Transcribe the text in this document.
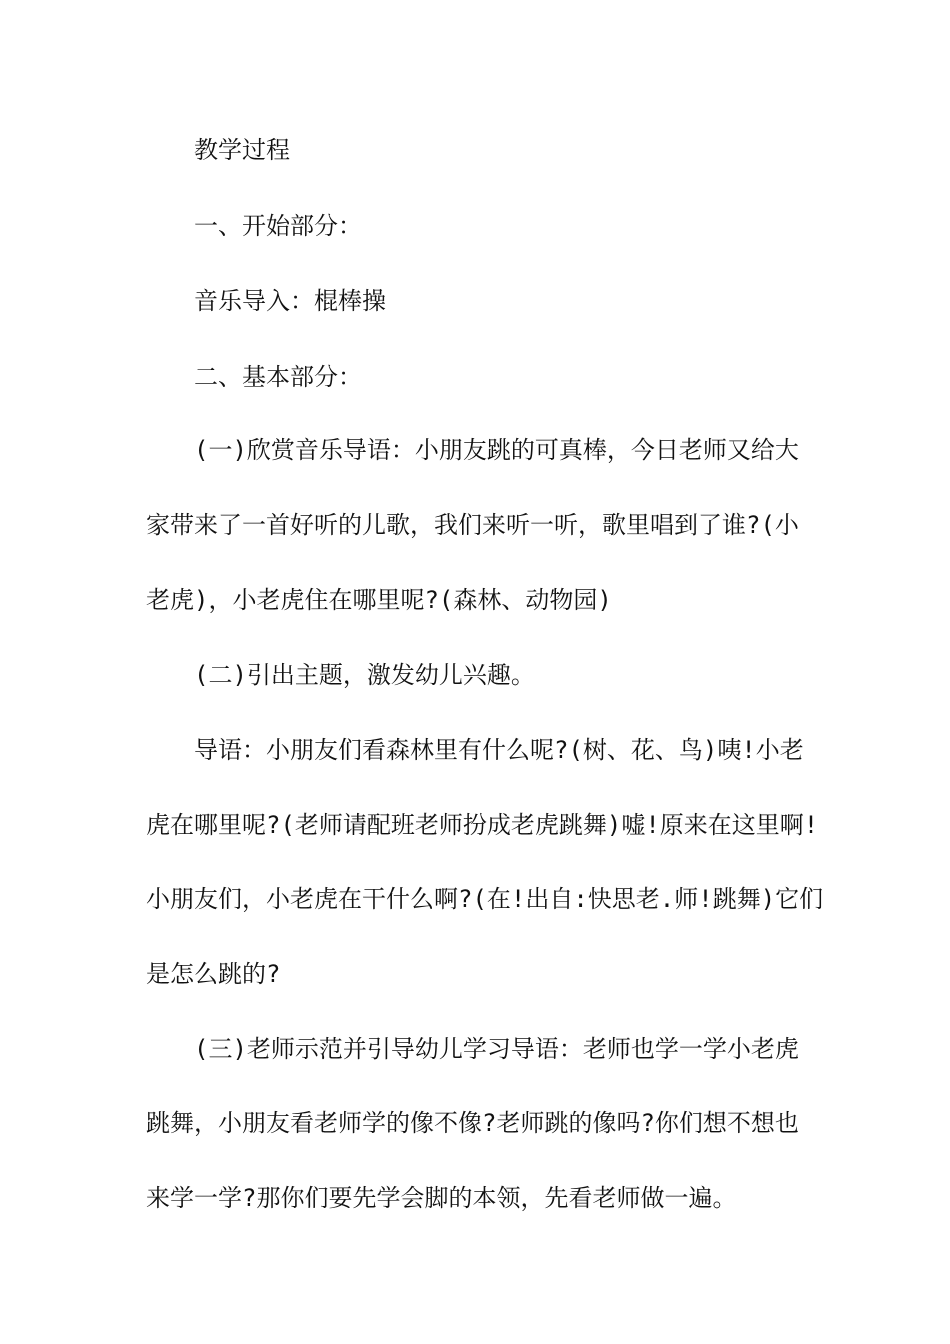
教学过程
一、开始部分：
音乐导入：棍棒操
二、基本部分：
(一)欣赏音乐导语：小朋友跳的可真棒，今日老师又给大
家带来了一首好听的儿歌，我们来听一听，歌里唱到了谁?(小
老虎)，小老虎住在哪里呢?(森林、动物园)
(二)引出主题，激发幼儿兴趣。
导语：小朋友们看森林里有什么呢?(树、花、鸟)咦!小老
虎在哪里呢?(老师请配班老师扮成老虎跳舞)嘘!原来在这里啊!
小朋友们，小老虎在干什么啊?(在!出自:快思老.师!跳舞)它们
是怎么跳的?
(三)老师示范并引导幼儿学习导语：老师也学一学小老虎
跳舞，小朋友看老师学的像不像?老师跳的像吗?你们想不想也
来学一学?那你们要先学会脚的本领，先看老师做一遍。
